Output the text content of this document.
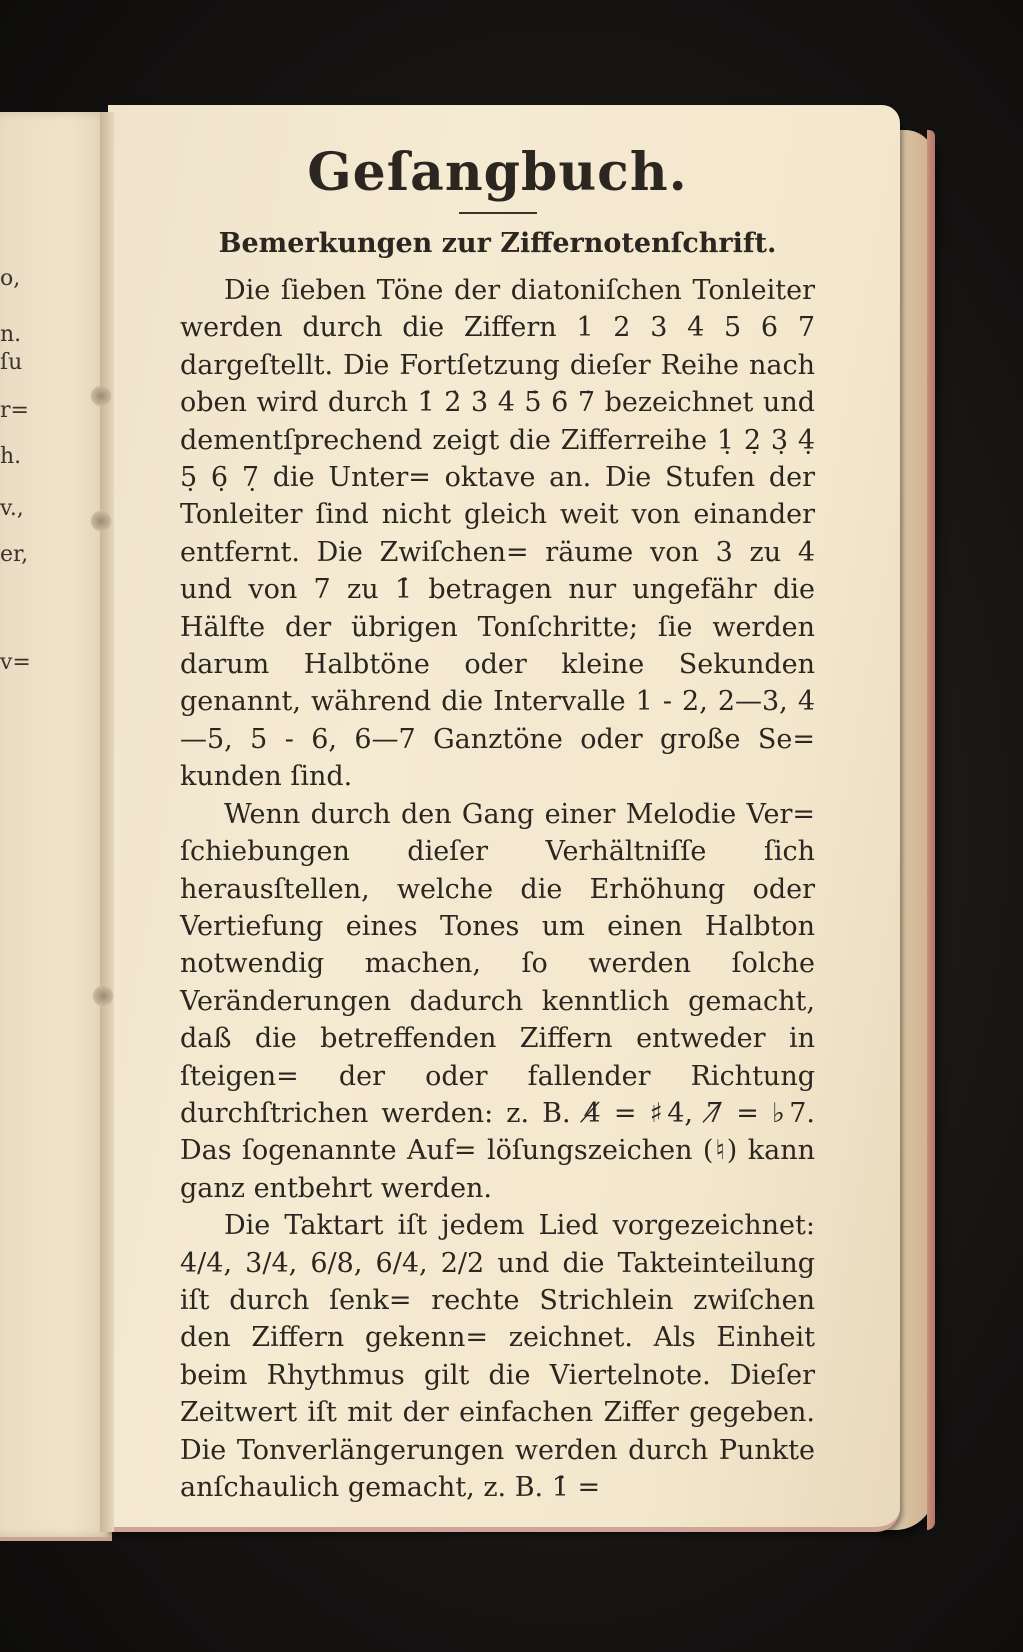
o,
n.
ſu
r=
h.
v.,
er,
v=
Geſangbuch.
Bemerkungen zur Ziffernotenſchrift.

Die ſieben Töne der diatoniſchen Tonleiter werden durch die Ziffern 1 2 3 4 5 6 7 dargeſtellt. Die Fortſetzung dieſer Reihe nach oben wird durch 1̇ 2̇ 3̇ 4̇ 5̇ 6̇ 7̇ bezeichnet und dementſprechend zeigt die Zifferreihe 1̣ 2̣ 3̣ 4̣ 5̣ 6̣ 7̣ die Unter= oktave an. Die Stufen der Tonleiter ſind nicht gleich weit von einander entfernt. Die Zwiſchen= räume von 3 zu 4 und von 7 zu 1̇ betragen nur ungefähr die Hälfte der übrigen Tonſchritte; ſie werden darum Halbtöne oder kleine Sekunden genannt, während die Intervalle 1 - 2, 2—3, 4—5, 5 - 6, 6—7 Ganztöne oder große Se= kunden ſind.

Wenn durch den Gang einer Melodie Ver= ſchiebungen dieſer Verhältniſſe ſich herausſtellen, welche die Erhöhung oder Vertiefung eines Tones um einen Halbton notwendig machen, ſo werden ſolche Veränderungen dadurch kenntlich gemacht, daß die betreffenden Ziffern entweder in ſteigen= der oder fallender Richtung durchſtrichen werden: z. B. 4̸ = ♯4, 7̸ = ♭7. Das ſogenannte Auf= löſungszeichen (♮) kann ganz entbehrt werden.

Die Taktart iſt jedem Lied vorgezeichnet: 4/4, 3/4, 6/8, 6/4, 2/2 und die Takteinteilung iſt durch ſenk= rechte Strichlein zwiſchen den Ziffern gekenn= zeichnet. Als Einheit beim Rhythmus gilt die Viertelnote. Dieſer Zeitwert iſt mit der einfachen Ziffer gegeben. Die Tonverlängerungen werden durch Punkte anſchaulich gemacht, z. B. 1̇ =
